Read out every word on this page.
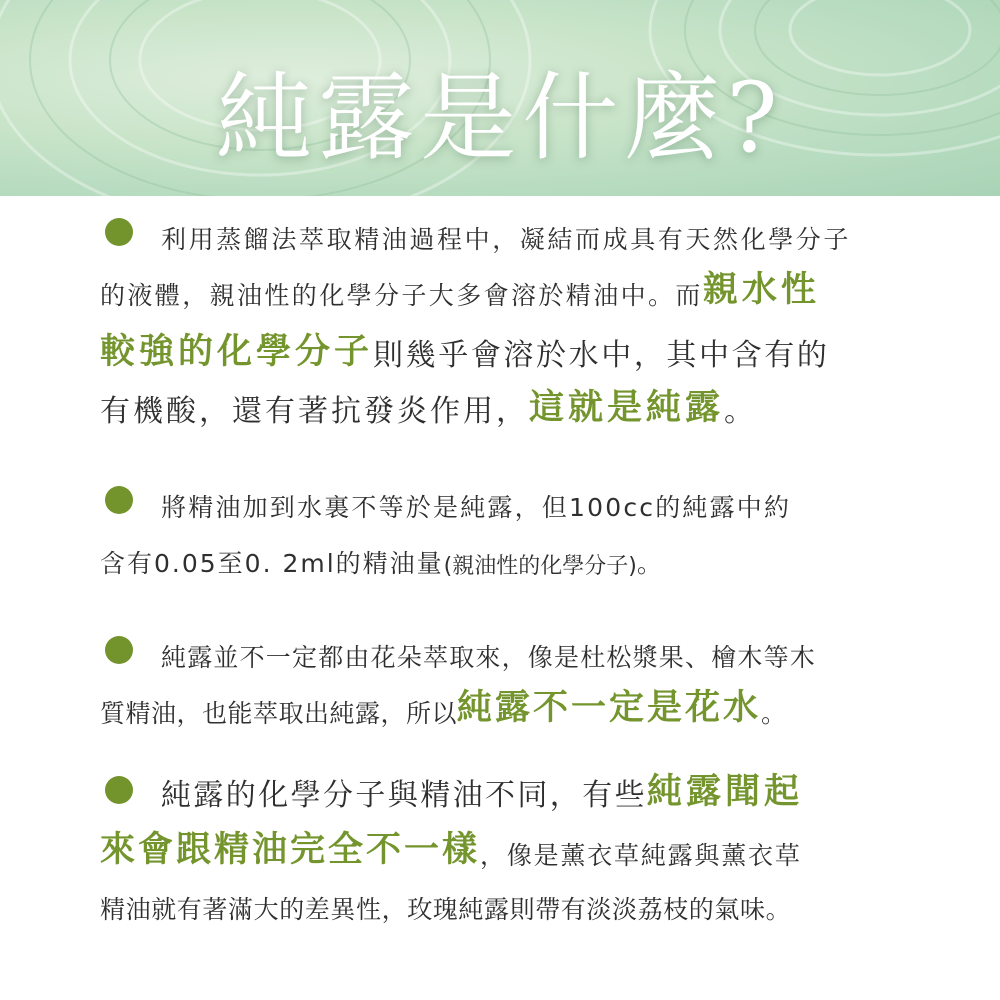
純露是什麼?
利用蒸餾法萃取精油過程中，凝結而成具有天然化學分子
的液體，親油性的化學分子大多會溶於精油中。而 親水性
較強的化學分子 則幾乎會溶於水中，其中含有的
有機酸，還有著抗發炎作用， 這就是純露 。
將精油加到水裏不等於是純露，但100cc的純露中約
含有0.05至0. 2ml的精油量 (親油性的化學分子) 。
純露並不一定都由花朵萃取來，像是杜松漿果、檜木等木
質精油，也能萃取出純露，所以 純露不一定是花水 。
純露的化學分子與精油不同，有些 純露聞起
來會跟精油完全不一樣 ，像是薰衣草純露與薰衣草
精油就有著滿大的差異性，玫瑰純露則帶有淡淡荔枝的氣味。
